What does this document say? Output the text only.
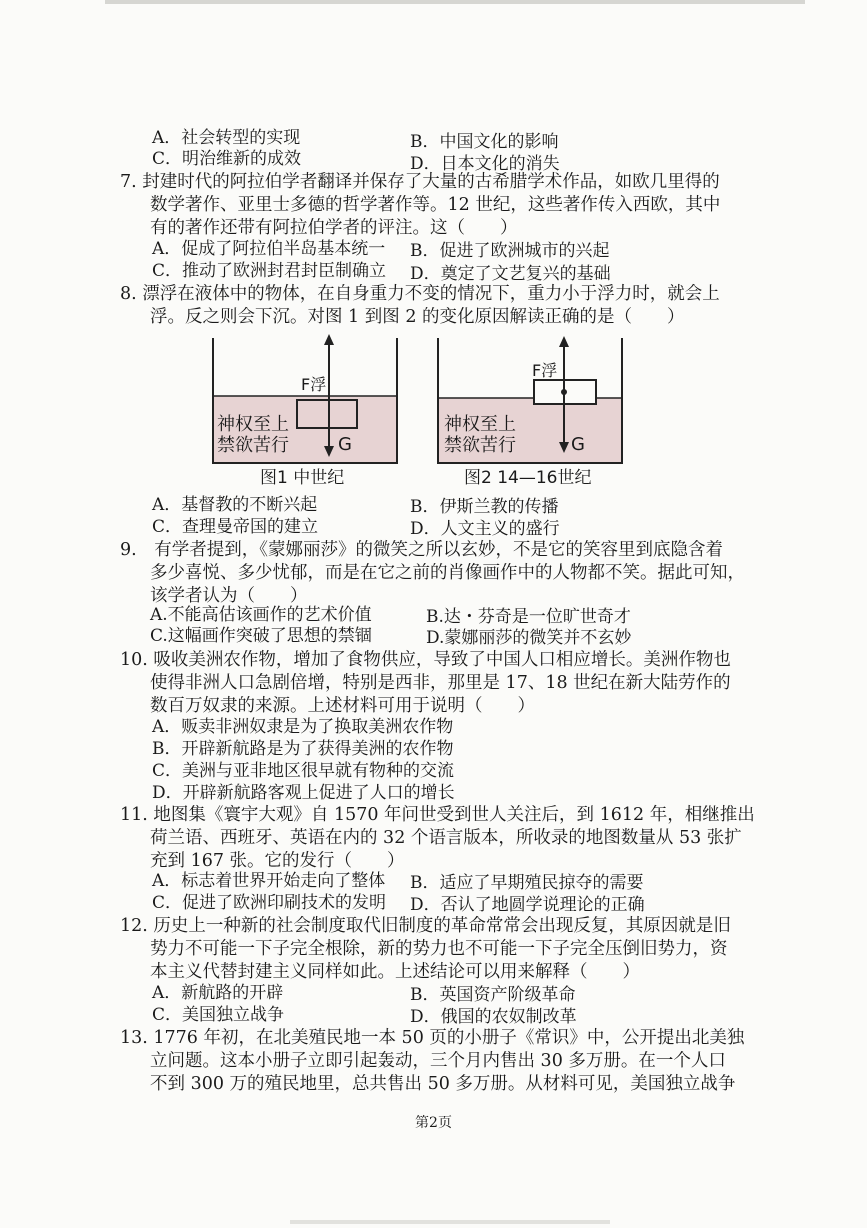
A．社会转型的实现	B．中国文化的影响
C．明治维新的成效	D．日本文化的消失
7. 封建时代的阿拉伯学者翻译并保存了大量的古希腊学术作品，如欧几里得的
数学著作、亚里士多德的哲学著作等。12 世纪，这些著作传入西欧，其中
有的著作还带有阿拉伯学者的评注。这（　　）
A．促成了阿拉伯半岛基本统一 B．促进了欧洲城市的兴起
C．推动了欧洲封君封臣制确立 D．奠定了文艺复兴的基础
8. 漂浮在液体中的物体，在自身重力不变的情况下，重力小于浮力时，就会上
浮。反之则会下沉。对图 1 到图 2 的变化原因解读正确的是（　　）
F浮
G
神权至上
禁欲苦行
图1 中世纪
F浮
G
神权至上
禁欲苦行
图2 14—16世纪
A．基督教的不断兴起	B．伊斯兰教的传播
C．查理曼帝国的建立	D．人文主义的盛行
9.　有学者提到，《蒙娜丽莎》的微笑之所以玄妙，不是它的笑容里到底隐含着
多少喜悦、多少忧郁，而是在它之前的肖像画作中的人物都不笑。据此可知，
该学者认为（　　）
A.不能高估该画作的艺术价值	B.达・芬奇是一位旷世奇才
C.这幅画作突破了思想的禁锢	D.蒙娜丽莎的微笑并不玄妙
10. 吸收美洲农作物，增加了食物供应，导致了中国人口相应增长。美洲作物也
使得非洲人口急剧倍增，特别是西非，那里是 17、18 世纪在新大陆劳作的
数百万奴隶的来源。上述材料可用于说明（　　）
A．贩卖非洲奴隶是为了换取美洲农作物
B．开辟新航路是为了获得美洲的农作物
C．美洲与亚非地区很早就有物种的交流
D．开辟新航路客观上促进了人口的增长
11. 地图集《寰宇大观》自 1570 年问世受到世人关注后，到 1612 年，相继推出
荷兰语、西班牙、英语在内的 32 个语言版本，所收录的地图数量从 53 张扩
充到 167 张。它的发行（　　）
A．标志着世界开始走向了整体 B．适应了早期殖民掠夺的需要
C．促进了欧洲印刷技术的发明 D．否认了地圆学说理论的正确
12. 历史上一种新的社会制度取代旧制度的革命常常会出现反复，其原因就是旧
势力不可能一下子完全根除，新的势力也不可能一下子完全压倒旧势力，资
本主义代替封建主义同样如此。上述结论可以用来解释（　　）
A．新航路的开辟	B．英国资产阶级革命
C．美国独立战争	D．俄国的农奴制改革
13. 1776 年初，在北美殖民地一本 50 页的小册子《常识》中，公开提出北美独
立问题。这本小册子立即引起轰动，三个月内售出 30 多万册。在一个人口
不到 300 万的殖民地里，总共售出 50 多万册。从材料可见，美国独立战争
第2页
